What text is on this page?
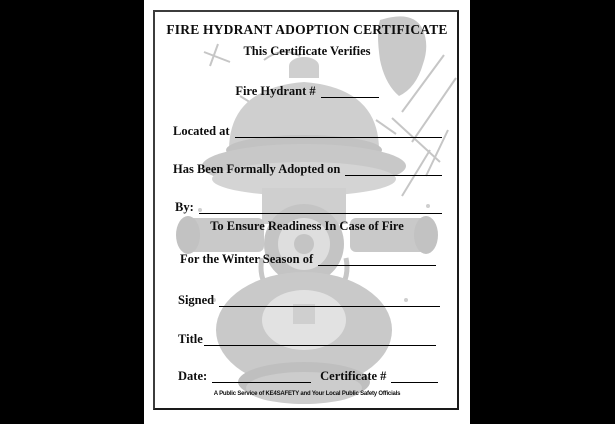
FIRE HYDRANT ADOPTION CERTIFICATE
This Certificate Verifies
Fire Hydrant #
Located at
Has Been Formally Adopted on
By:
To Ensure Readiness In Case of Fire
For the Winter Season of
Signed
Title
Date:	Certificate #
A Public Service of KE4SAFETY and Your Local Public Safety Officials
